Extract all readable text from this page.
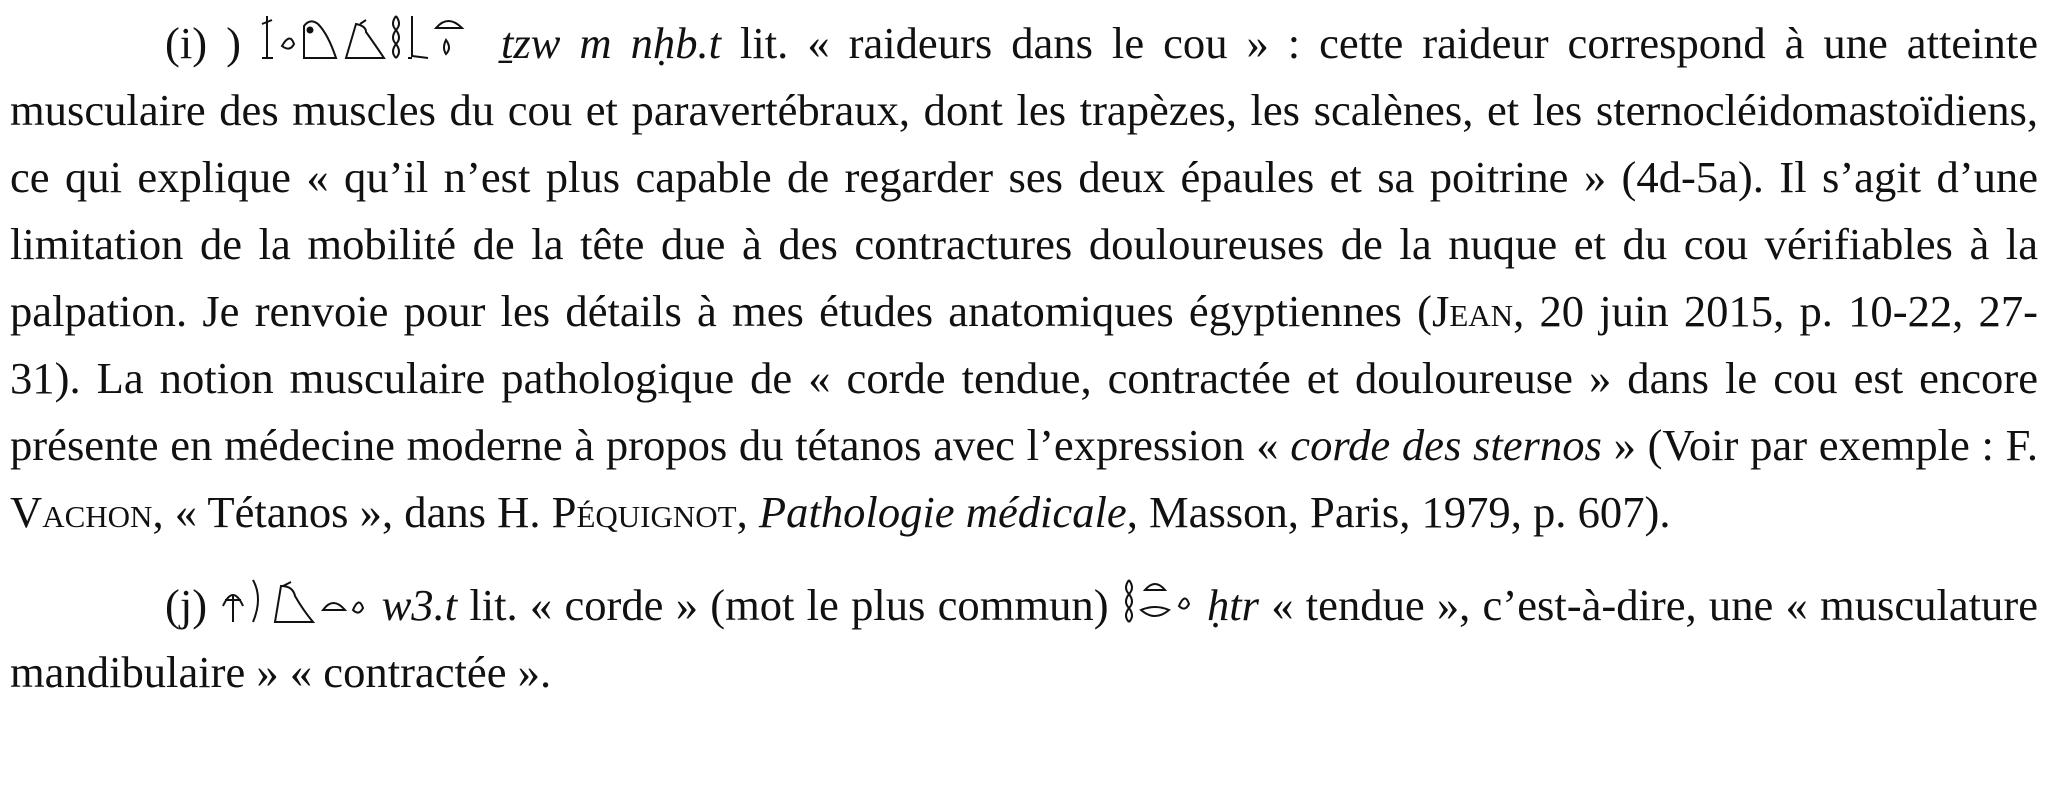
(i) )	ṯzw m nḥb.t lit. « raideurs dans le cou » : cette raideur correspond à une atteinte musculaire des muscles du cou et paravertébraux, dont les trapèzes, les scalènes, et les sternocléidomastoïdiens, ce qui explique « qu’il n’est plus capable de regarder ses deux épaules et sa poitrine » (4d-5a). Il s’agit d’une limitation de la mobilité de la tête due à des contractures douloureuses de la nuque et du cou vérifiables à la palpation. Je renvoie pour les détails à mes études anatomiques égyptiennes (Jean, 20 juin 2015, p. 10-22, 27-31). La notion musculaire pathologique de « corde tendue, contractée et douloureuse » dans le cou est encore présente en médecine moderne à propos du tétanos avec l’expression « corde des sternos » (Voir par exemple : F. Vachon, « Tétanos », dans H. Péquignot, Pathologie médicale, Masson, Paris, 1979, p. 607).

(j)	w3.t lit. « corde » (mot le plus commun)
ḥtr « tendue », c’est-à-dire, une « musculature mandibulaire » « contractée ».
